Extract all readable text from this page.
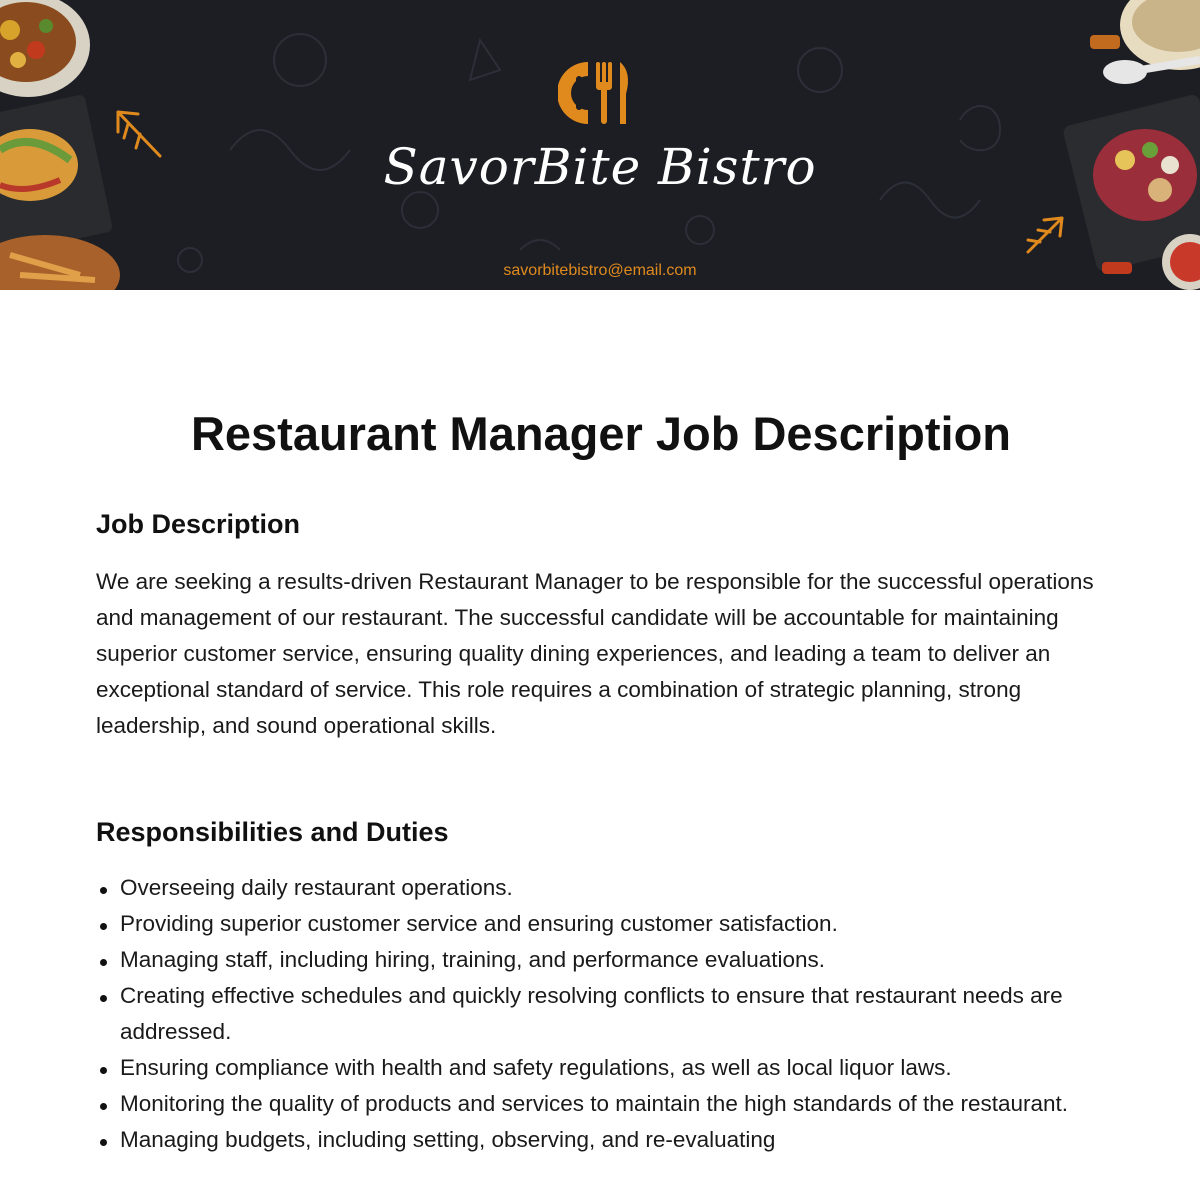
SavorBite Bistro
savorbitebistro@email.com
Restaurant Manager Job Description
Job Description

We are seeking a results-driven Restaurant Manager to be responsible for the successful operations and management of our restaurant. The successful candidate will be accountable for maintaining superior customer service, ensuring quality dining experiences, and leading a team to deliver an exceptional standard of service. This role requires a combination of strategic planning, strong leadership, and sound operational skills.

Responsibilities and Duties
Overseeing daily restaurant operations.
Providing superior customer service and ensuring customer satisfaction.
Managing staff, including hiring, training, and performance evaluations.
Creating effective schedules and quickly resolving conflicts to ensure that restaurant needs are addressed.
Ensuring compliance with health and safety regulations, as well as local liquor laws.
Monitoring the quality of products and services to maintain the high standards of the restaurant.
Managing budgets, including setting, observing, and re-evaluating
